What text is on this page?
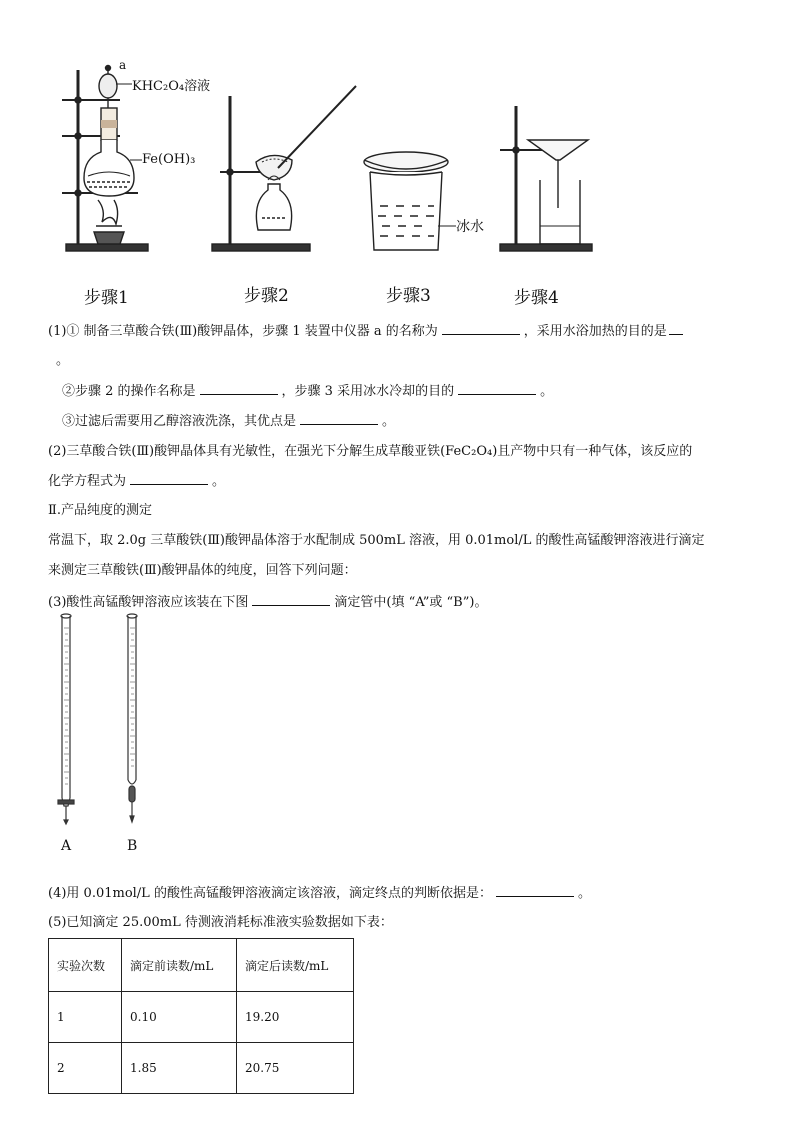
a
KHC₂O₄溶液
Fe(OH)₃
冰水
步骤1	步骤2	步骤3	步骤4
(1)① 制备三草酸合铁(Ⅲ)酸钾晶体，步骤 1 装置中仪器 a 的名称为	，采用水浴加热的目的是
。
②步骤 2 的操作名称是	，步骤 3 采用冰水冷却的目的	。
③过滤后需要用乙醇溶液洗涤，其优点是	。
(2)三草酸合铁(Ⅲ)酸钾晶体具有光敏性，在强光下分解生成草酸亚铁(FeC₂O₄)且产物中只有一种气体，该反应的
化学方程式为	。
Ⅱ.产品纯度的测定
常温下，取 2.0g 三草酸铁(Ⅲ)酸钾晶体溶于水配制成 500mL 溶液，用 0.01mol/L 的酸性高锰酸钾溶液进行滴定
来测定三草酸铁(Ⅲ)酸钾晶体的纯度，回答下列问题：
(3)酸性高锰酸钾溶液应该装在下图	滴定管中(填 “A”或 “B”)。
A	B
(4)用 0.01mol/L 的酸性高锰酸钾溶液滴定该溶液，滴定终点的判断依据是：	。
(5)已知滴定 25.00mL 待测液消耗标准液实验数据如下表：
实验次数	滴定前读数/mL	滴定后读数/mL
1	0.10	19.20
2	1.85	20.75
